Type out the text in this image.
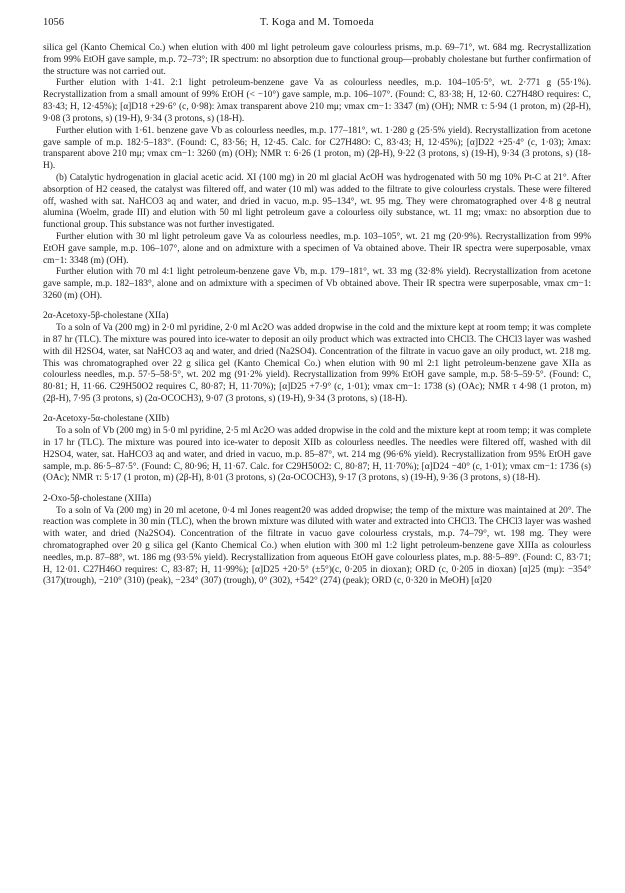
1056	T. Koga and M. Tomoeda

silica gel (Kanto Chemical Co.) when elution with 400 ml light petroleum gave colourless prisms, m.p. 69–71°, wt. 684 mg. Recrystallization from 99% EtOH gave sample, m.p. 72–73°; IR spectrum: no absorption due to functional group—probably cholestane but further confirmation of the structure was not carried out.

Further elution with 1·41. 2:1 light petroleum-benzene gave Va as colourless needles, m.p. 104–105·5°, wt. 2·771 g (55·1%). Recrystallization from a small amount of 99% EtOH (< −10°) gave sample, m.p. 106–107°. (Found: C, 83·38; H, 12·60. C27H48O requires: C, 83·43; H, 12·45%); [α]D18 +29·6° (c, 0·98): λmax transparent above 210 mμ; νmax cm−1: 3347 (m) (OH); NMR τ: 5·94 (1 proton, m) (2β-H), 9·08 (3 protons, s) (19-H), 9·34 (3 protons, s) (18-H).

Further elution with 1·61. benzene gave Vb as colourless needles, m.p. 177–181°, wt. 1·280 g (25·5% yield). Recrystallization from acetone gave sample of m.p. 182·5–183°. (Found: C, 83·56; H, 12·45. Calc. for C27H48O: C, 83·43; H, 12·45%); [α]D22 +25·4° (c, 1·03); λmax: transparent above 210 mμ; νmax cm−1: 3260 (m) (OH); NMR τ: 6·26 (1 proton, m) (2β-H), 9·22 (3 protons, s) (19-H), 9·34 (3 protons, s) (18-H).

(b) Catalytic hydrogenation in glacial acetic acid. XI (100 mg) in 20 ml glacial AcOH was hydrogenated with 50 mg 10% Pt-C at 21°. After absorption of H2 ceased, the catalyst was filtered off, and water (10 ml) was added to the filtrate to give colourless crystals. These were filtered off, washed with sat. NaHCO3 aq and water, and dried in vacuo, m.p. 95–134°, wt. 95 mg. They were chromatographed over 4·8 g neutral alumina (Woelm, grade III) and elution with 50 ml light petroleum gave a colourless oily substance, wt. 11 mg; νmax: no absorption due to functional group. This substance was not further investigated.

Further elution with 30 ml light petroleum gave Va as colourless needles, m.p. 103–105°, wt. 21 mg (20·9%). Recrystallization from 99% EtOH gave sample, m.p. 106–107°, alone and on admixture with a specimen of Va obtained above. Their IR spectra were superposable, νmax cm−1: 3348 (m) (OH).

Further elution with 70 ml 4:1 light petroleum-benzene gave Vb, m.p. 179–181°, wt. 33 mg (32·8% yield). Recrystallization from acetone gave sample, m.p. 182–183°, alone and on admixture with a specimen of Vb obtained above. Their IR spectra were superposable, νmax cm−1: 3260 (m) (OH).

2α-Acetoxy-5β-cholestane (XIIa)

To a soln of Va (200 mg) in 2·0 ml pyridine, 2·0 ml Ac2O was added dropwise in the cold and the mixture kept at room temp; it was complete in 87 hr (TLC). The mixture was poured into ice-water to deposit an oily product which was extracted into CHCl3. The CHCl3 layer was washed with dil H2SO4, water, sat NaHCO3 aq and water, and dried (Na2SO4). Concentration of the filtrate in vacuo gave an oily product, wt. 218 mg. This was chromatographed over 22 g silica gel (Kanto Chemical Co.) when elution with 90 ml 2:1 light petroleum-benzene gave XIIa as colourless needles, m.p. 57·5–58·5°, wt. 202 mg (91·2% yield). Recrystallization from 99% EtOH gave sample, m.p. 58·5–59·5°. (Found: C, 80·81; H, 11·66. C29H50O2 requires C, 80·87; H, 11·70%); [α]D25 +7·9° (c, 1·01); νmax cm−1: 1738 (s) (OAc); NMR τ 4·98 (1 proton, m) (2β-H), 7·95 (3 protons, s) (2α-OCOCH3), 9·07 (3 protons, s) (19-H), 9·34 (3 protons, s) (18-H).

2α-Acetoxy-5α-cholestane (XIIb)

To a soln of Vb (200 mg) in 5·0 ml pyridine, 2·5 ml Ac2O was added dropwise in the cold and the mixture kept at room temp; it was complete in 17 hr (TLC). The mixture was poured into ice-water to deposit XIIb as colourless needles. The needles were filtered off, washed with dil H2SO4, water, sat. HaHCO3 aq and water, and dried in vacuo, m.p. 85–87°, wt. 214 mg (96·6% yield). Recrystallization from 95% EtOH gave sample, m.p. 86·5–87·5°. (Found: C, 80·96; H, 11·67. Calc. for C29H50O2: C, 80·87; H, 11·70%); [α]D24 −40° (c, 1·01); νmax cm−1: 1736 (s) (OAc); NMR τ: 5·17 (1 proton, m) (2β-H), 8·01 (3 protons, s) (2α-OCOCH3), 9·17 (3 protons, s) (19-H), 9·36 (3 protons, s) (18-H).

2-Oxo-5β-cholestane (XIIIa)

To a soln of Va (200 mg) in 20 ml acetone, 0·4 ml Jones reagent20 was added dropwise; the temp of the mixture was maintained at 20°. The reaction was complete in 30 min (TLC), when the brown mixture was diluted with water and extracted into CHCl3. The CHCl3 layer was washed with water, and dried (Na2SO4). Concentration of the filtrate in vacuo gave colourless crystals, m.p. 74–79°, wt. 198 mg. They were chromatographed over 20 g silica gel (Kanto Chemical Co.) when elution with 300 ml 1:2 light petroleum-benzene gave XIIIa as colourless needles, m.p. 87–88°, wt. 186 mg (93·5% yield). Recrystallization from aqueous EtOH gave colourless plates, m.p. 88·5–89°. (Found: C, 83·71; H, 12·01. C27H46O requires: C, 83·87; H, 11·99%); [α]D25 +20·5° (±5°)(c, 0·205 in dioxan); ORD (c, 0·205 in dioxan) [α]25 (mμ): −354° (317)(trough), −210° (310) (peak), −234° (307) (trough), 0° (302), +542° (274) (peak); ORD (c, 0·320 in MeOH) [α]20
